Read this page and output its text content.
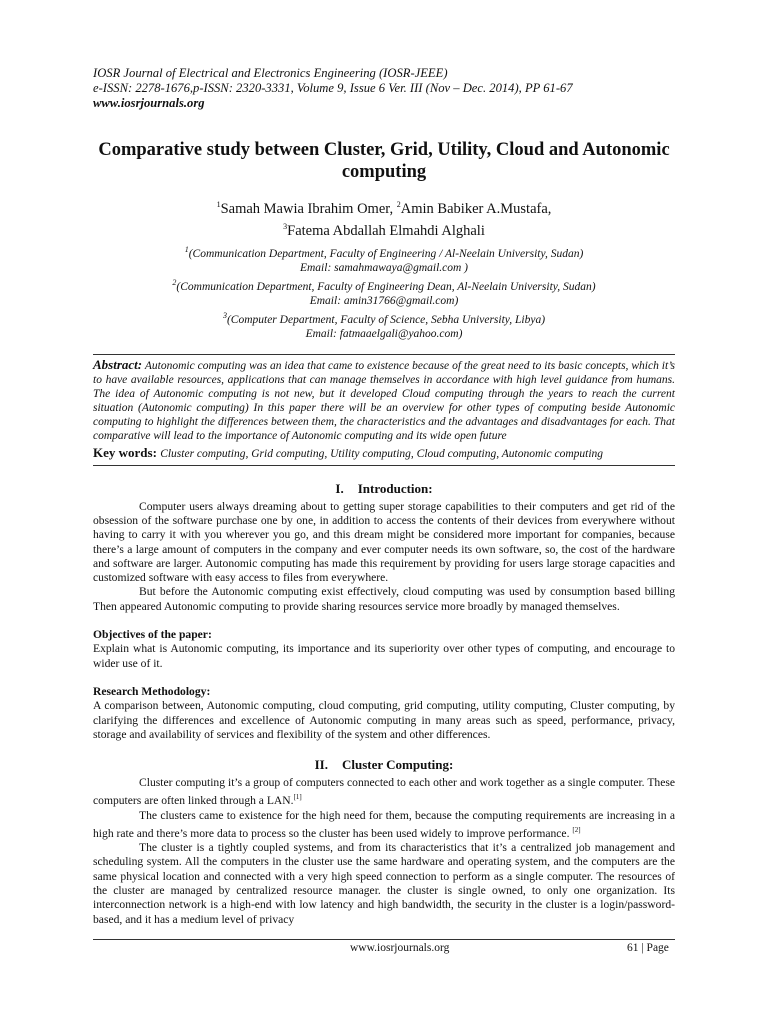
IOSR Journal of Electrical and Electronics Engineering (IOSR-JEEE)
e-ISSN: 2278-1676,p-ISSN: 2320-3331, Volume 9, Issue 6 Ver. III (Nov – Dec. 2014), PP 61-67
www.iosrjournals.org
Comparative study between Cluster, Grid, Utility, Cloud and Autonomic computing
$^1$Samah Mawia Ibrahim Omer, $^2$Amin Babiker A.Mustafa,
$^3$Fatema Abdallah Elmahdi Alghali
$^1$(Communication Department, Faculty of Engineering / Al-Neelain University, Sudan)
Email: samahmawaya@gmail.com )
$^2$(Communication Department, Faculty of Engineering Dean, Al-Neelain University, Sudan)
Email: amin31766@gmail.com)
$^3$(Computer Department, Faculty of Science, Sebha University, Libya)
Email: fatmaaelgali@yahoo.com)
Abstract: Autonomic computing was an idea that came to existence because of the great need to its basic concepts, which it’s to have available resources, applications that can manage themselves in accordance with high level guidance from humans. The idea of Autonomic computing is not new, but it developed Cloud computing through the years to reach the current situation (Autonomic computing) In this paper there will be an overview for other types of computing beside Autonomic computing to highlight the differences between them, the characteristics and the advantages and disadvantages for each. That comparative will lead to the importance of Autonomic computing and its wide open future
Key words: Cluster computing, Grid computing, Utility computing, Cloud computing, Autonomic computing
I. Introduction:

Computer users always dreaming about to getting super storage capabilities to their computers and get rid of the obsession of the software purchase one by one, in addition to access the contents of their devices from everywhere without having to carry it with you wherever you go, and this dream might be considered more important for companies, because there’s a large amount of computers in the company and ever computer needs its own software, so, the cost of the hardware and software are larger. Autonomic computing has made this requirement by providing for users large storage capacities and customized software with easy access to files from everywhere.

But before the Autonomic computing exist effectively, cloud computing was used by consumption based billing Then appeared Autonomic computing to provide sharing resources service more broadly by managed themselves.

Objectives of the paper:

Explain what is Autonomic computing, its importance and its superiority over other types of computing, and encourage to wider use of it.

Research Methodology:

A comparison between, Autonomic computing, cloud computing, grid computing, utility computing, Cluster computing, by clarifying the differences and excellence of Autonomic computing in many areas such as speed, performance, privacy, storage and availability of services and flexibility of the system and other differences.

II. Cluster Computing:

Cluster computing it’s a group of computers connected to each other and work together as a single computer. These computers are often linked through a LAN.[1]

The clusters came to existence for the high need for them, because the computing requirements are increasing in a high rate and there’s more data to process so the cluster has been used widely to improve performance. [2]

The cluster is a tightly coupled systems, and from its characteristics that it’s a centralized job management and scheduling system. All the computers in the cluster use the same hardware and operating system, and the computers are the same physical location and connected with a very high speed connection to perform as a single computer. The resources of the cluster are managed by centralized resource manager. the cluster is single owned, to only one organization. Its interconnection network is a high-end with low latency and high bandwidth, the security in the cluster is a login/password-based, and it has a medium level of privacy

www.iosrjournals.org	61 | Page
